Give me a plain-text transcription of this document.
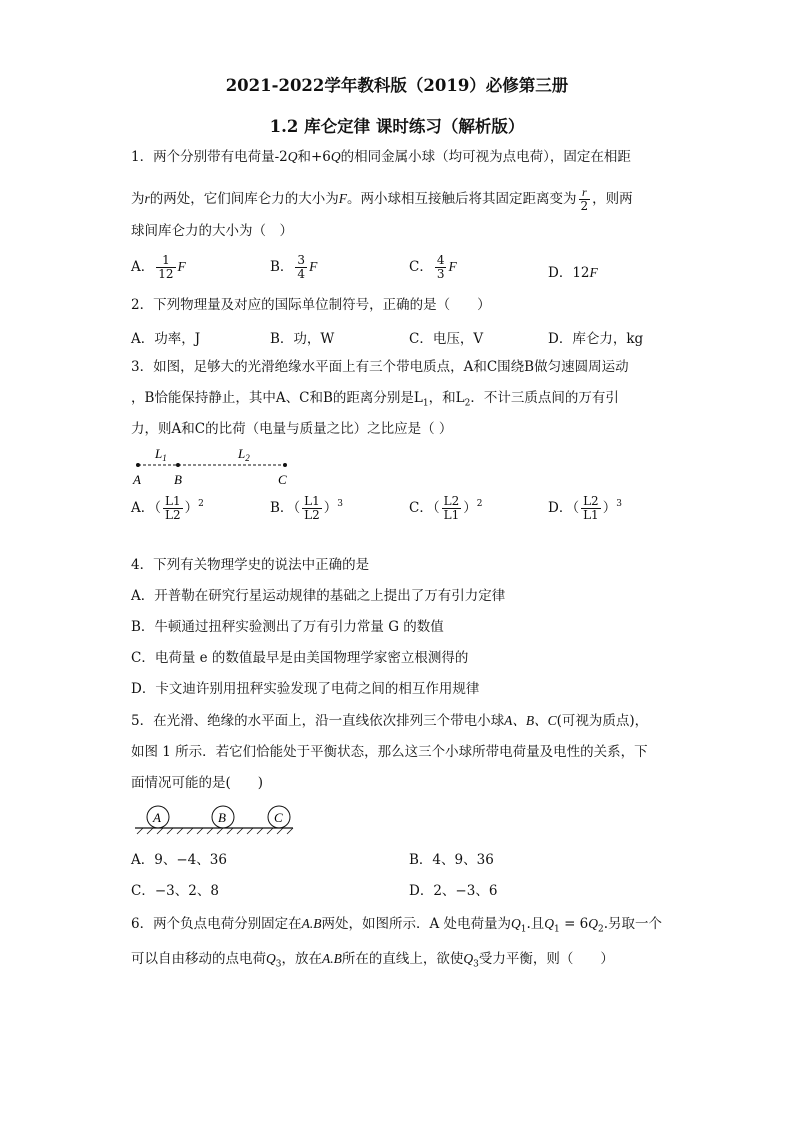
2021-2022学年教科版（2019）必修第三册
1.2 库仑定律 课时练习（解析版）
1．两个分别带有电荷量-2Q和+6Q的相同金属小球（均可视为点电荷），固定在相距
为r的两处，它们间库仑力的大小为F。两小球相互接触后将其固定距离变为 $\frac{r}{2}$ ，则两
球间库仑力的大小为（　）
A． $\frac{1}{12}$ F	B． $\frac{3}{4}$ F	C． $\frac{4}{3}$ F	D．12F
2．下列物理量及对应的国际单位制符号，正确的是（　　）
A．功率，J	B．功，W	C．电压，V	D．库仑力，kg
3．如图，足够大的光滑绝缘水平面上有三个带电质点，A和C围绕B做匀速圆周运动
，B恰能保持静止，其中A、C和B的距离分别是$L_1$，和$L_2$．不计三质点间的万有引
力，则A和C的比荷（电量与质量之比）之比应是（ ）
$L_1$	$L_2$
A	B	C
A．（ $\frac{L1}{L2} )^2$	B．（ $\frac{L1}{L2} )^3$	C．（ $\frac{L2}{L1} )^2$	D．（ $\frac{L2}{L1} )^3$
4．下列有关物理学史的说法中正确的是
A．开普勒在研究行星运动规律的基础之上提出了万有引力定律
B．牛顿通过扭秤实验测出了万有引力常量 G 的数值
C．电荷量 e 的数值最早是由美国物理学家密立根测得的
D．卡文迪许别用扭秤实验发现了电荷之间的相互作用规律
5．在光滑、绝缘的水平面上，沿一直线依次排列三个带电小球A、B、C(可视为质点)，
如图 1 所示．若它们恰能处于平衡状态，那么这三个小球所带电荷量及电性的关系，下
面情况可能的是(　　)
A	B	C
A．9、−4、36	B．4、9、36
C．−3、2、8	D．2、−3、6
6．两个负点电荷分别固定在A.B两处，如图所示．A 处电荷量为$Q_1$.且$Q_1 = 6Q_2$.另取一个
可以自由移动的点电荷$Q_3$，放在A.B所在的直线上，欲使$Q_3$受力平衡，则（　　）
